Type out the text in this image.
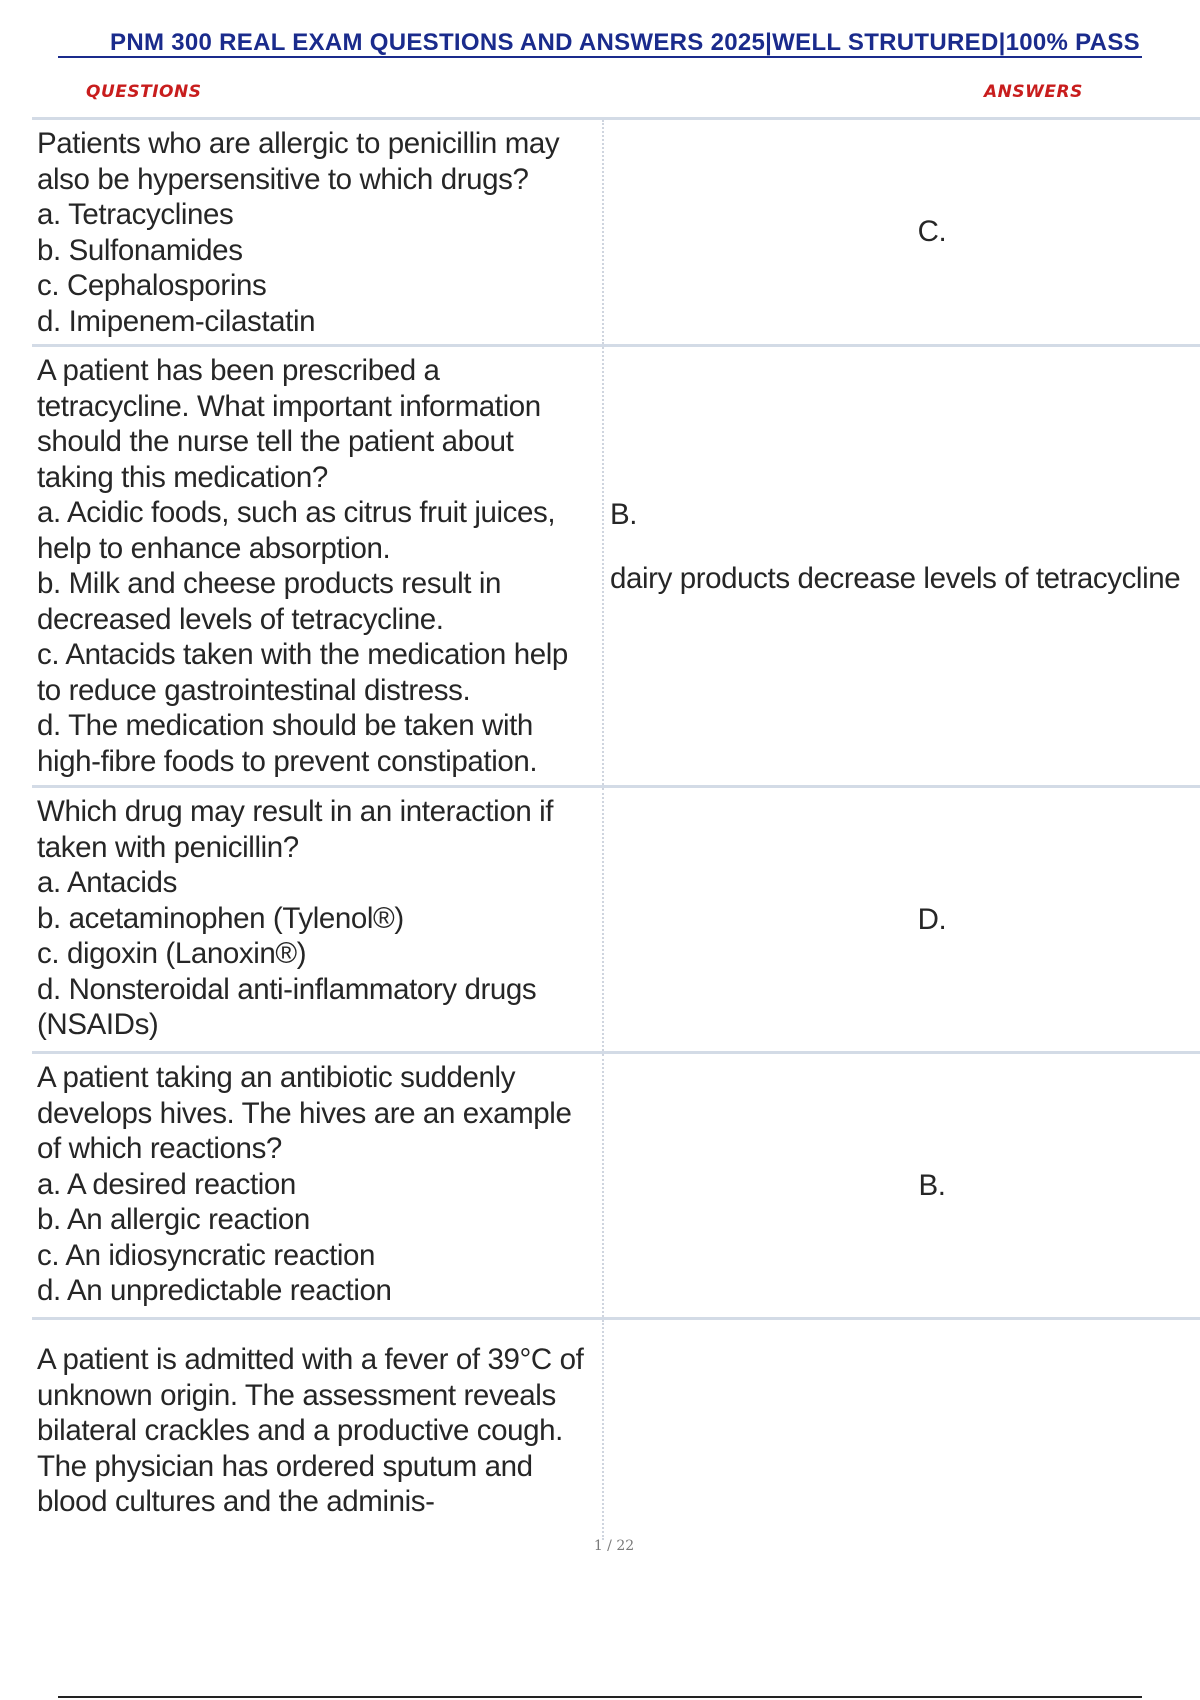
PNM 300 REAL EXAM QUESTIONS AND ANSWERS 2025|WELL STRUTURED|100% PASS
QUESTIONS	ANSWERS
Patients who are allergic to penicillin may also be hypersensitive to which drugs?
a. Tetracyclines
b. Sulfonamides
c. Cephalosporins
d. Imipenem-cilastatin
C.
A patient has been prescribed a tetracycline. What important information should the nurse tell the patient about taking this medication?
a. Acidic foods, such as citrus fruit juices, help to enhance absorption.
b. Milk and cheese products result in decreased levels of tetracycline.
c. Antacids taken with the medication help to reduce gastrointestinal distress.
d. The medication should be taken with high-fibre foods to prevent constipation.
B.
dairy products decrease levels of tetracycline
Which drug may result in an interaction if taken with penicillin?
a. Antacids
b. acetaminophen (Tylenol®)
c. digoxin (Lanoxin®)
d. Nonsteroidal anti-inflammatory drugs (NSAIDs)
D.
A patient taking an antibiotic suddenly develops hives. The hives are an example of which reactions?
a. A desired reaction
b. An allergic reaction
c. An idiosyncratic reaction
d. An unpredictable reaction
B.
A patient is admitted with a fever of 39°C of unknown origin. The assessment reveals bilateral crackles and a productive cough. The physician has ordered sputum and blood cultures and the adminis-
1 / 22
